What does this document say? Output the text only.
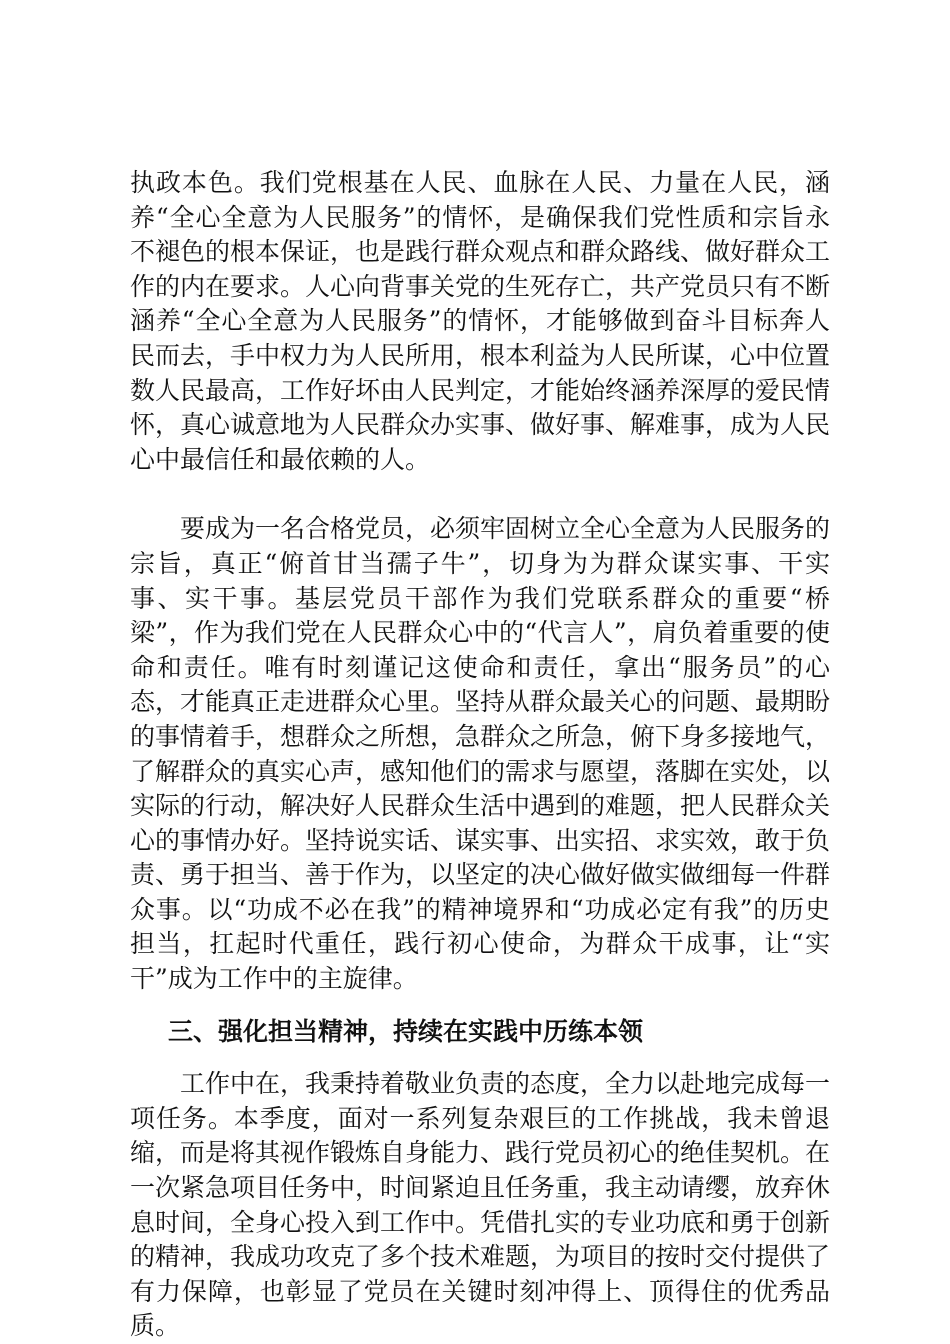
执政本色。我们党根基在人民、血脉在人民、力量在人民，涵养“全心全意为人民服务”的情怀，是确保我们党性质和宗旨永不褪色的根本保证，也是践行群众观点和群众路线、做好群众工作的内在要求。人心向背事关党的生死存亡，共产党员只有不断涵养“全心全意为人民服务”的情怀，才能够做到奋斗目标奔人民而去，手中权力为人民所用，根本利益为人民所谋，心中位置数人民最高，工作好坏由人民判定，才能始终涵养深厚的爱民情怀，真心诚意地为人民群众办实事、做好事、解难事，成为人民心中最信任和最依赖的人。

要成为一名合格党员，必须牢固树立全心全意为人民服务的宗旨，真正“俯首甘当孺子牛”，切身为为群众谋实事、干实事、实干事。基层党员干部作为我们党联系群众的重要“桥梁”，作为我们党在人民群众心中的“代言人”，肩负着重要的使命和责任。唯有时刻谨记这使命和责任，拿出“服务员”的心态，才能真正走进群众心里。坚持从群众最关心的问题、最期盼的事情着手，想群众之所想，急群众之所急，俯下身多接地气，了解群众的真实心声，感知他们的需求与愿望，落脚在实处，以实际的行动，解决好人民群众生活中遇到的难题，把人民群众关心的事情办好。坚持说实话、谋实事、出实招、求实效，敢于负责、勇于担当、善于作为，以坚定的决心做好做实做细每一件群众事。以“功成不必在我”的精神境界和“功成必定有我”的历史担当，扛起时代重任，践行初心使命，为群众干成事，让“实干”成为工作中的主旋律。

三、强化担当精神，持续在实践中历练本领

工作中在，我秉持着敬业负责的态度，全力以赴地完成每一项任务。本季度，面对一系列复杂艰巨的工作挑战，我未曾退缩，而是将其视作锻炼自身能力、践行党员初心的绝佳契机。在一次紧急项目任务中，时间紧迫且任务重，我主动请缨，放弃休息时间，全身心投入到工作中。凭借扎实的专业功底和勇于创新的精神，我成功攻克了多个技术难题，为项目的按时交付提供了有力保障，也彰显了党员在关键时刻冲得上、顶得住的优秀品质。
